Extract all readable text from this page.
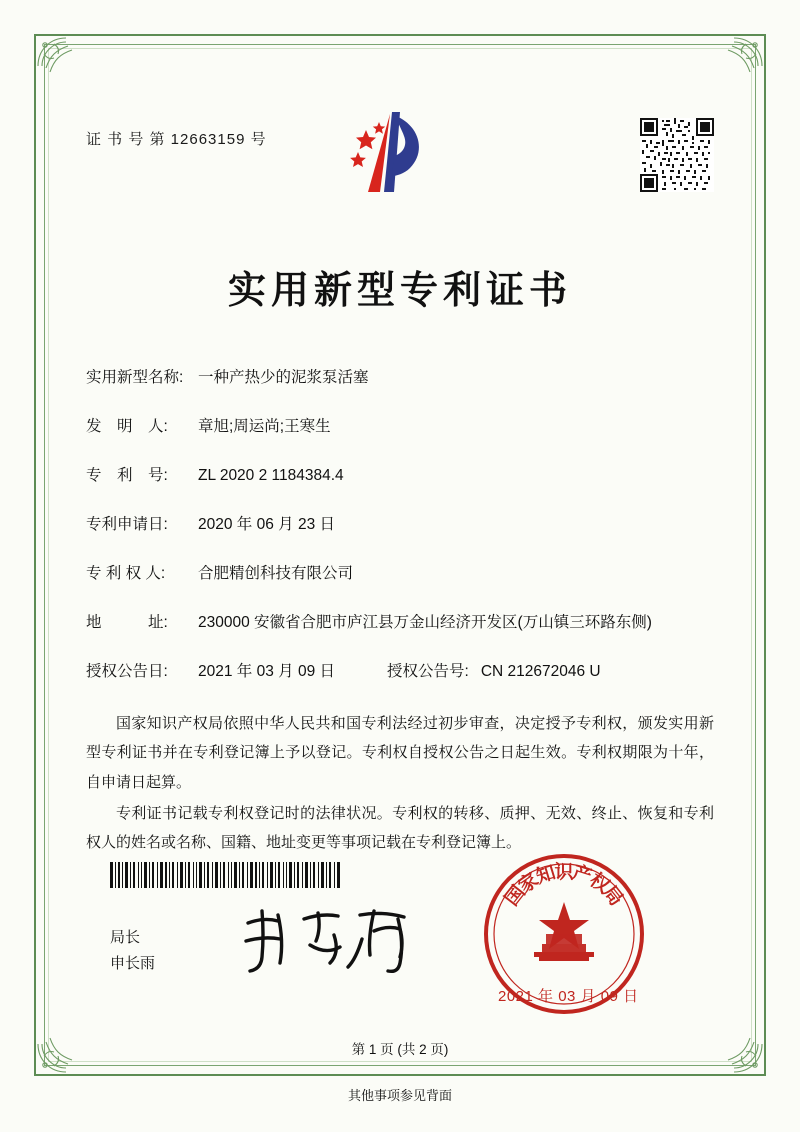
证 书 号 第 12663159 号
实用新型专利证书
实用新型名称: 一种产热少的泥浆泵活塞
发　明　人:	章旭;周运尚;王寒生
专　利　号:	ZL 2020 2 1184384.4
专利申请日:	2020 年 06 月 23 日
专 利 权 人:	合肥精创科技有限公司
地　　　址:	230000 安徽省合肥市庐江县万金山经济开发区(万山镇三环路东侧)
授权公告日:	2021 年 03 月 09 日	授权公告号: CN 212672046 U

国家知识产权局依照中华人民共和国专利法经过初步审查，决定授予专利权，颁发实用新型专利证书并在专利登记簿上予以登记。专利权自授权公告之日起生效。专利权期限为十年，自申请日起算。

专利证书记载专利权登记时的法律状况。专利权的转移、质押、无效、终止、恢复和专利权人的姓名或名称、国籍、地址变更等事项记载在专利登记簿上。

局长
申长雨
国
家
知
识
产
权
局
2021 年 03 月 09 日
第 1 页 (共 2 页)
其他事项参见背面
